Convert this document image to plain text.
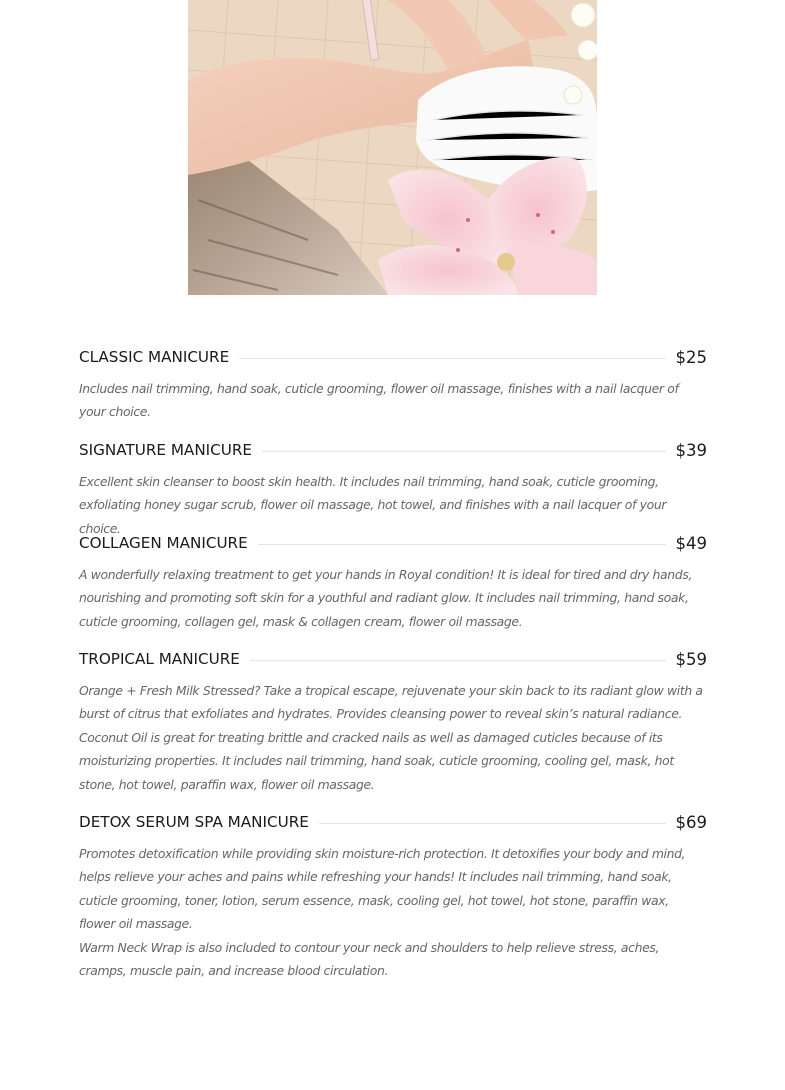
CLASSIC MANICURE	$25

Includes nail trimming, hand soak, cuticle grooming, flower oil massage, finishes with a nail lacquer of your choice.

SIGNATURE MANICURE	$39

Excellent skin cleanser to boost skin health. It includes nail trimming, hand soak, cuticle grooming, exfoliating honey sugar scrub, flower oil massage, hot towel, and finishes with a nail lacquer of your choice.

COLLAGEN MANICURE	$49

A wonderfully relaxing treatment to get your hands in Royal condition! It is ideal for tired and dry hands, nourishing and promoting soft skin for a youthful and radiant glow. It includes nail trimming, hand soak, cuticle grooming, collagen gel, mask & collagen cream, flower oil massage.

TROPICAL MANICURE	$59

Orange + Fresh Milk Stressed? Take a tropical escape, rejuvenate your skin back to its radiant glow with a burst of citrus that exfoliates and hydrates. Provides cleansing power to reveal skin’s natural radiance. Coconut Oil is great for treating brittle and cracked nails as well as damaged cuticles because of its moisturizing properties. It includes nail trimming, hand soak, cuticle grooming, cooling gel, mask, hot stone, hot towel, paraffin wax, flower oil massage.

DETOX SERUM SPA MANICURE	$69

Promotes detoxification while providing skin moisture-rich protection. It detoxifies your body and mind, helps relieve your aches and pains while refreshing your hands! It includes nail trimming, hand soak, cuticle grooming, toner, lotion, serum essence, mask, cooling gel, hot towel, hot stone, paraffin wax, flower oil massage.

Warm Neck Wrap is also included to contour your neck and shoulders to help relieve stress, aches, cramps, muscle pain, and increase blood circulation.
